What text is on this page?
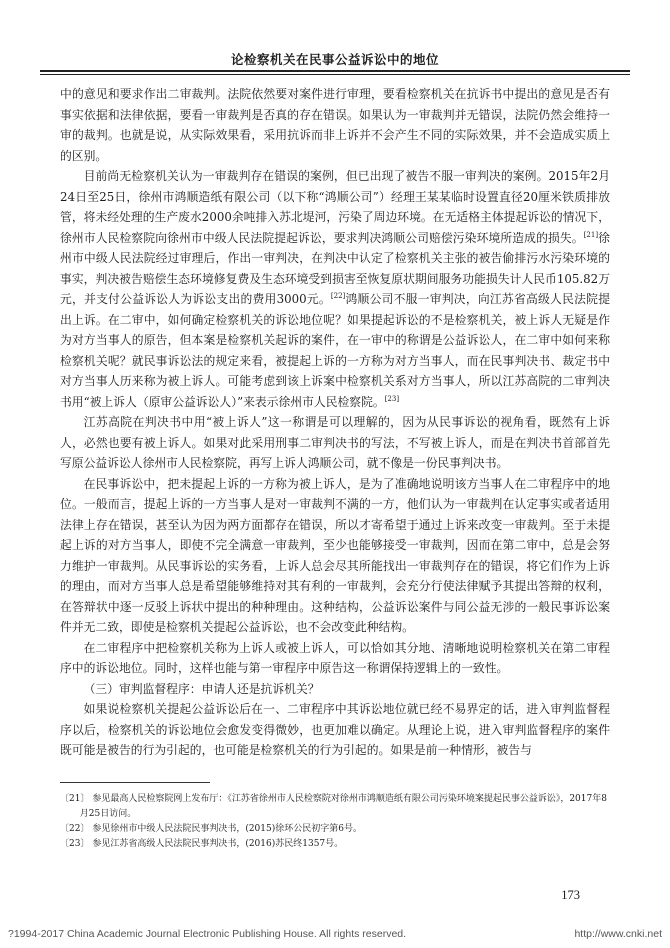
论检察机关在民事公益诉讼中的地位

中的意见和要求作出二审裁判。法院依然要对案件进行审理，要看检察机关在抗诉书中提出的意见是否有事实依据和法律依据，要看一审裁判是否真的存在错误。如果认为一审裁判并无错误，法院仍然会维持一审的裁判。也就是说，从实际效果看，采用抗诉而非上诉并不会产生不同的实际效果，并不会造成实质上的区别。

目前尚无检察机关认为一审裁判存在错误的案例，但已出现了被告不服一审判决的案例。2015年2月24日至25日，徐州市鸿顺造纸有限公司（以下称“鸿顺公司”）经理王某某临时设置直径20厘米铁质排放管，将未经处理的生产废水2000余吨排入苏北堤河，污染了周边环境。在无适格主体提起诉讼的情况下，徐州市人民检察院向徐州市中级人民法院提起诉讼，要求判决鸿顺公司赔偿污染环境所造成的损失。[21]徐州市中级人民法院经过审理后，作出一审判决，在判决中认定了检察机关主张的被告偷排污水污染环境的事实，判决被告赔偿生态环境修复费及生态环境受到损害至恢复原状期间服务功能损失计人民币105.82万元，并支付公益诉讼人为诉讼支出的费用3000元。[22]鸿顺公司不服一审判决，向江苏省高级人民法院提出上诉。在二审中，如何确定检察机关的诉讼地位呢？如果提起诉讼的不是检察机关，被上诉人无疑是作为对方当事人的原告，但本案是检察机关起诉的案件，在一审中的称谓是公益诉讼人，在二审中如何来称检察机关呢？就民事诉讼法的规定来看，被提起上诉的一方称为对方当事人，而在民事判决书、裁定书中对方当事人历来称为被上诉人。可能考虑到该上诉案中检察机关系对方当事人，所以江苏高院的二审判决书用“被上诉人（原审公益诉讼人）”来表示徐州市人民检察院。[23]

江苏高院在判决书中用“被上诉人”这一称谓是可以理解的，因为从民事诉讼的视角看，既然有上诉人，必然也要有被上诉人。如果对此采用刑事二审判决书的写法，不写被上诉人，而是在判决书首部首先写原公益诉讼人徐州市人民检察院，再写上诉人鸿顺公司，就不像是一份民事判决书。

在民事诉讼中，把未提起上诉的一方称为被上诉人，是为了准确地说明该方当事人在二审程序中的地位。一般而言，提起上诉的一方当事人是对一审裁判不满的一方，他们认为一审裁判在认定事实或者适用法律上存在错误，甚至认为因为两方面都存在错误，所以才寄希望于通过上诉来改变一审裁判。至于未提起上诉的对方当事人，即使不完全满意一审裁判，至少也能够接受一审裁判，因而在第二审中，总是会努力维护一审裁判。从民事诉讼的实务看，上诉人总会尽其所能找出一审裁判存在的错误，将它们作为上诉的理由，而对方当事人总是希望能够维持对其有利的一审裁判，会充分行使法律赋予其提出答辩的权利，在答辩状中逐一反驳上诉状中提出的种种理由。这种结构，公益诉讼案件与同公益无涉的一般民事诉讼案件并无二致，即使是检察机关提起公益诉讼，也不会改变此种结构。

在二审程序中把检察机关称为上诉人或被上诉人，可以恰如其分地、清晰地说明检察机关在第二审程序中的诉讼地位。同时，这样也能与第一审程序中原告这一称谓保持逻辑上的一致性。

（三）审判监督程序：申请人还是抗诉机关？

如果说检察机关提起公益诉讼后在一、二审程序中其诉讼地位就已经不易界定的话，进入审判监督程序以后，检察机关的诉讼地位会愈发变得微妙，也更加难以确定。从理论上说，进入审判监督程序的案件既可能是被告的行为引起的，也可能是检察机关的行为引起的。如果是前一种情形，被告与

〔21〕 参见最高人民检察院网上发布厅：《江苏省徐州市人民检察院对徐州市鸿顺造纸有限公司污染环境案提起民事公益诉讼》，2017年8月25日访问。

〔22〕 参见徐州市中级人民法院民事判决书，(2015)徐环公民初字第6号。

〔23〕 参见江苏省高级人民法院民事判决书，(2016)苏民终1357号。

173
?1994-2017 China Academic Journal Electronic Publishing House. All rights reserved.	http://www.cnki.net
